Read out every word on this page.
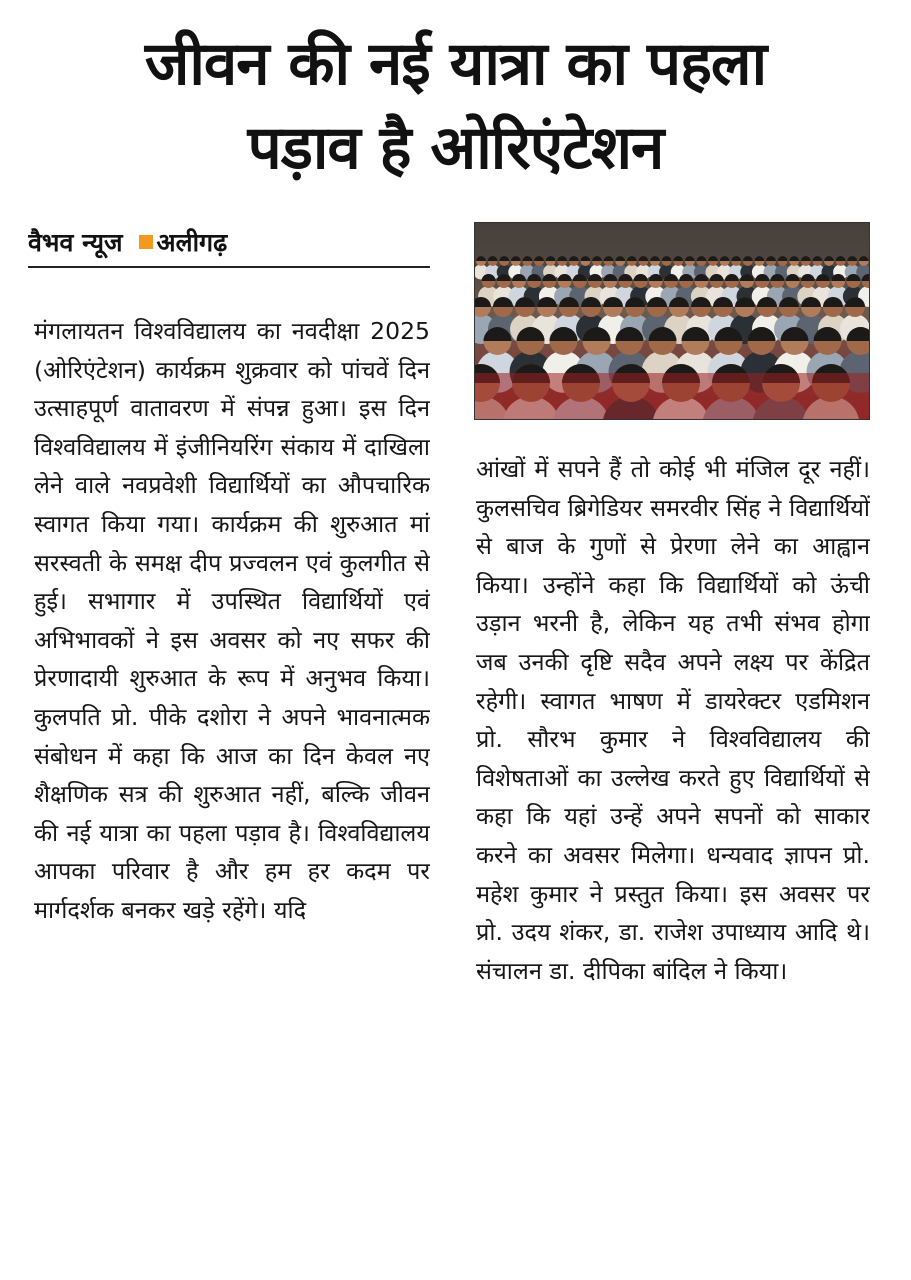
जीवन की नई यात्रा का पहला
पड़ाव है ओरिएंटेशन
वैभव न्यूज अलीगढ़
मंगलायतन विश्वविद्यालय का नवदीक्षा 2025 (ओरिएंटेशन) कार्यक्रम शुक्रवार को पांचवें दिन उत्साहपूर्ण वातावरण में संपन्न हुआ। इस दिन विश्वविद्यालय में इंजीनियरिंग संकाय में दाखिला लेने वाले नवप्रवेशी विद्यार्थियों का औपचारिक स्वागत किया गया। कार्यक्रम की शुरुआत मां सरस्वती के समक्ष दीप प्रज्वलन एवं कुलगीत से हुई। सभागार में उपस्थित विद्यार्थियों एवं अभिभावकों ने इस अवसर को नए सफर की प्रेरणादायी शुरुआत के रूप में अनुभव किया।कुलपति प्रो. पीके दशोरा ने अपने भावनात्मक संबोधन में कहा कि आज का दिन केवल नए शैक्षणिक सत्र की शुरुआत नहीं, बल्कि जीवन की नई यात्रा का पहला पड़ाव है। विश्वविद्यालय आपका परिवार है और हम हर कदम पर मार्गदर्शक बनकर खड़े रहेंगे। यदि
आंखों में सपने हैं तो कोई भी मंजिल दूर नहीं। कुलसचिव ब्रिगेडियर समरवीर सिंह ने विद्यार्थियों से बाज के गुणों से प्रेरणा लेने का आह्वान किया। उन्होंने कहा कि विद्यार्थियों को ऊंची उड़ान भरनी है, लेकिन यह तभी संभव होगा जब उनकी दृष्टि सदैव अपने लक्ष्य पर केंद्रित रहेगी। स्वागत भाषण में डायरेक्टर एडमिशन प्रो. सौरभ कुमार ने विश्वविद्यालय की विशेषताओं का उल्लेख करते हुए विद्यार्थियों से कहा कि यहां उन्हें अपने सपनों को साकार करने का अवसर मिलेगा। धन्यवाद ज्ञापन प्रो. महेश कुमार ने प्रस्तुत किया। इस अवसर पर प्रो. उदय शंकर, डा. राजेश उपाध्याय आदि थे। संचालन डा. दीपिका बांदिल ने किया।
